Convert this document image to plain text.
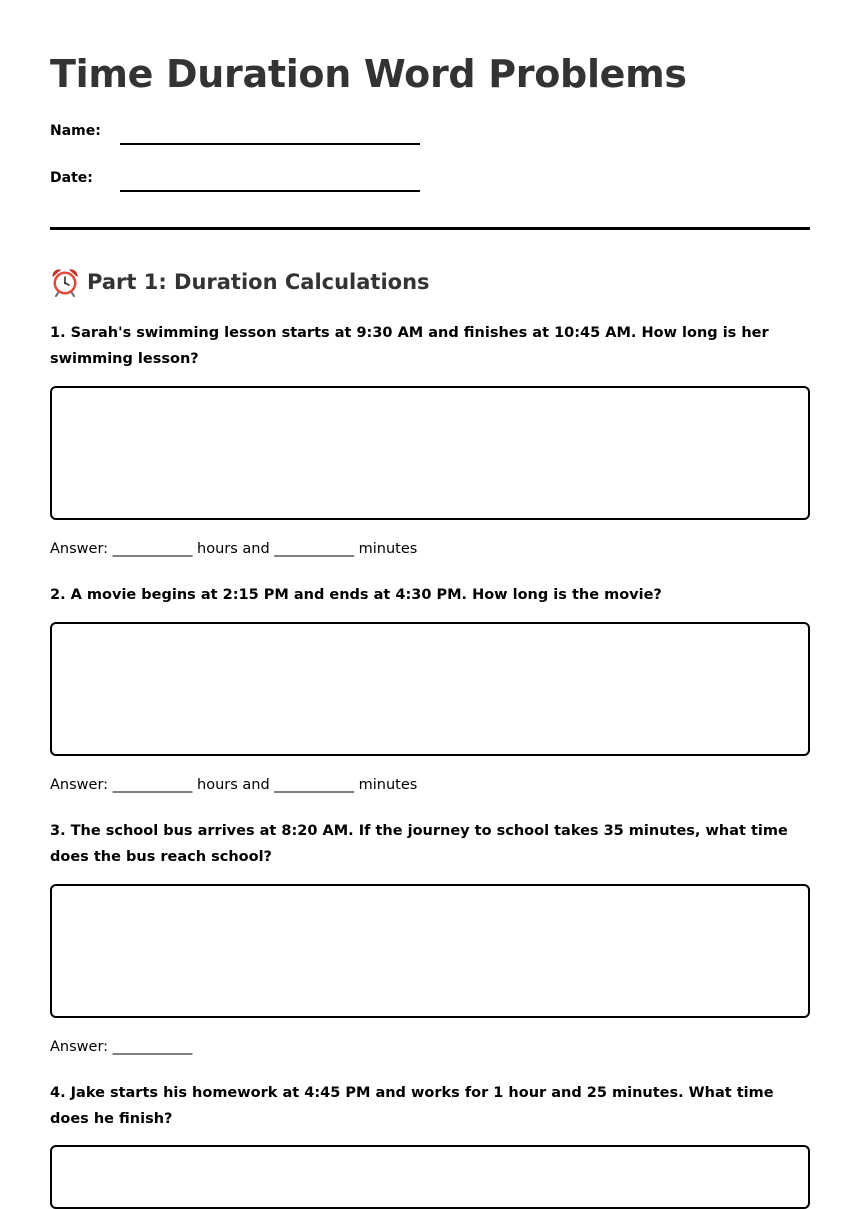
Time Duration Word Problems
Name:
Date:
Part 1: Duration Calculations

1. Sarah's swimming lesson starts at 9:30 AM and finishes at 10:45 AM. How long is her swimming lesson?

Answer: ___________ hours and ___________ minutes

2. A movie begins at 2:15 PM and ends at 4:30 PM. How long is the movie?

Answer: ___________ hours and ___________ minutes

3. The school bus arrives at 8:20 AM. If the journey to school takes 35 minutes, what time does the bus reach school?

Answer: ___________

4. Jake starts his homework at 4:45 PM and works for 1 hour and 25 minutes. What time does he finish?
